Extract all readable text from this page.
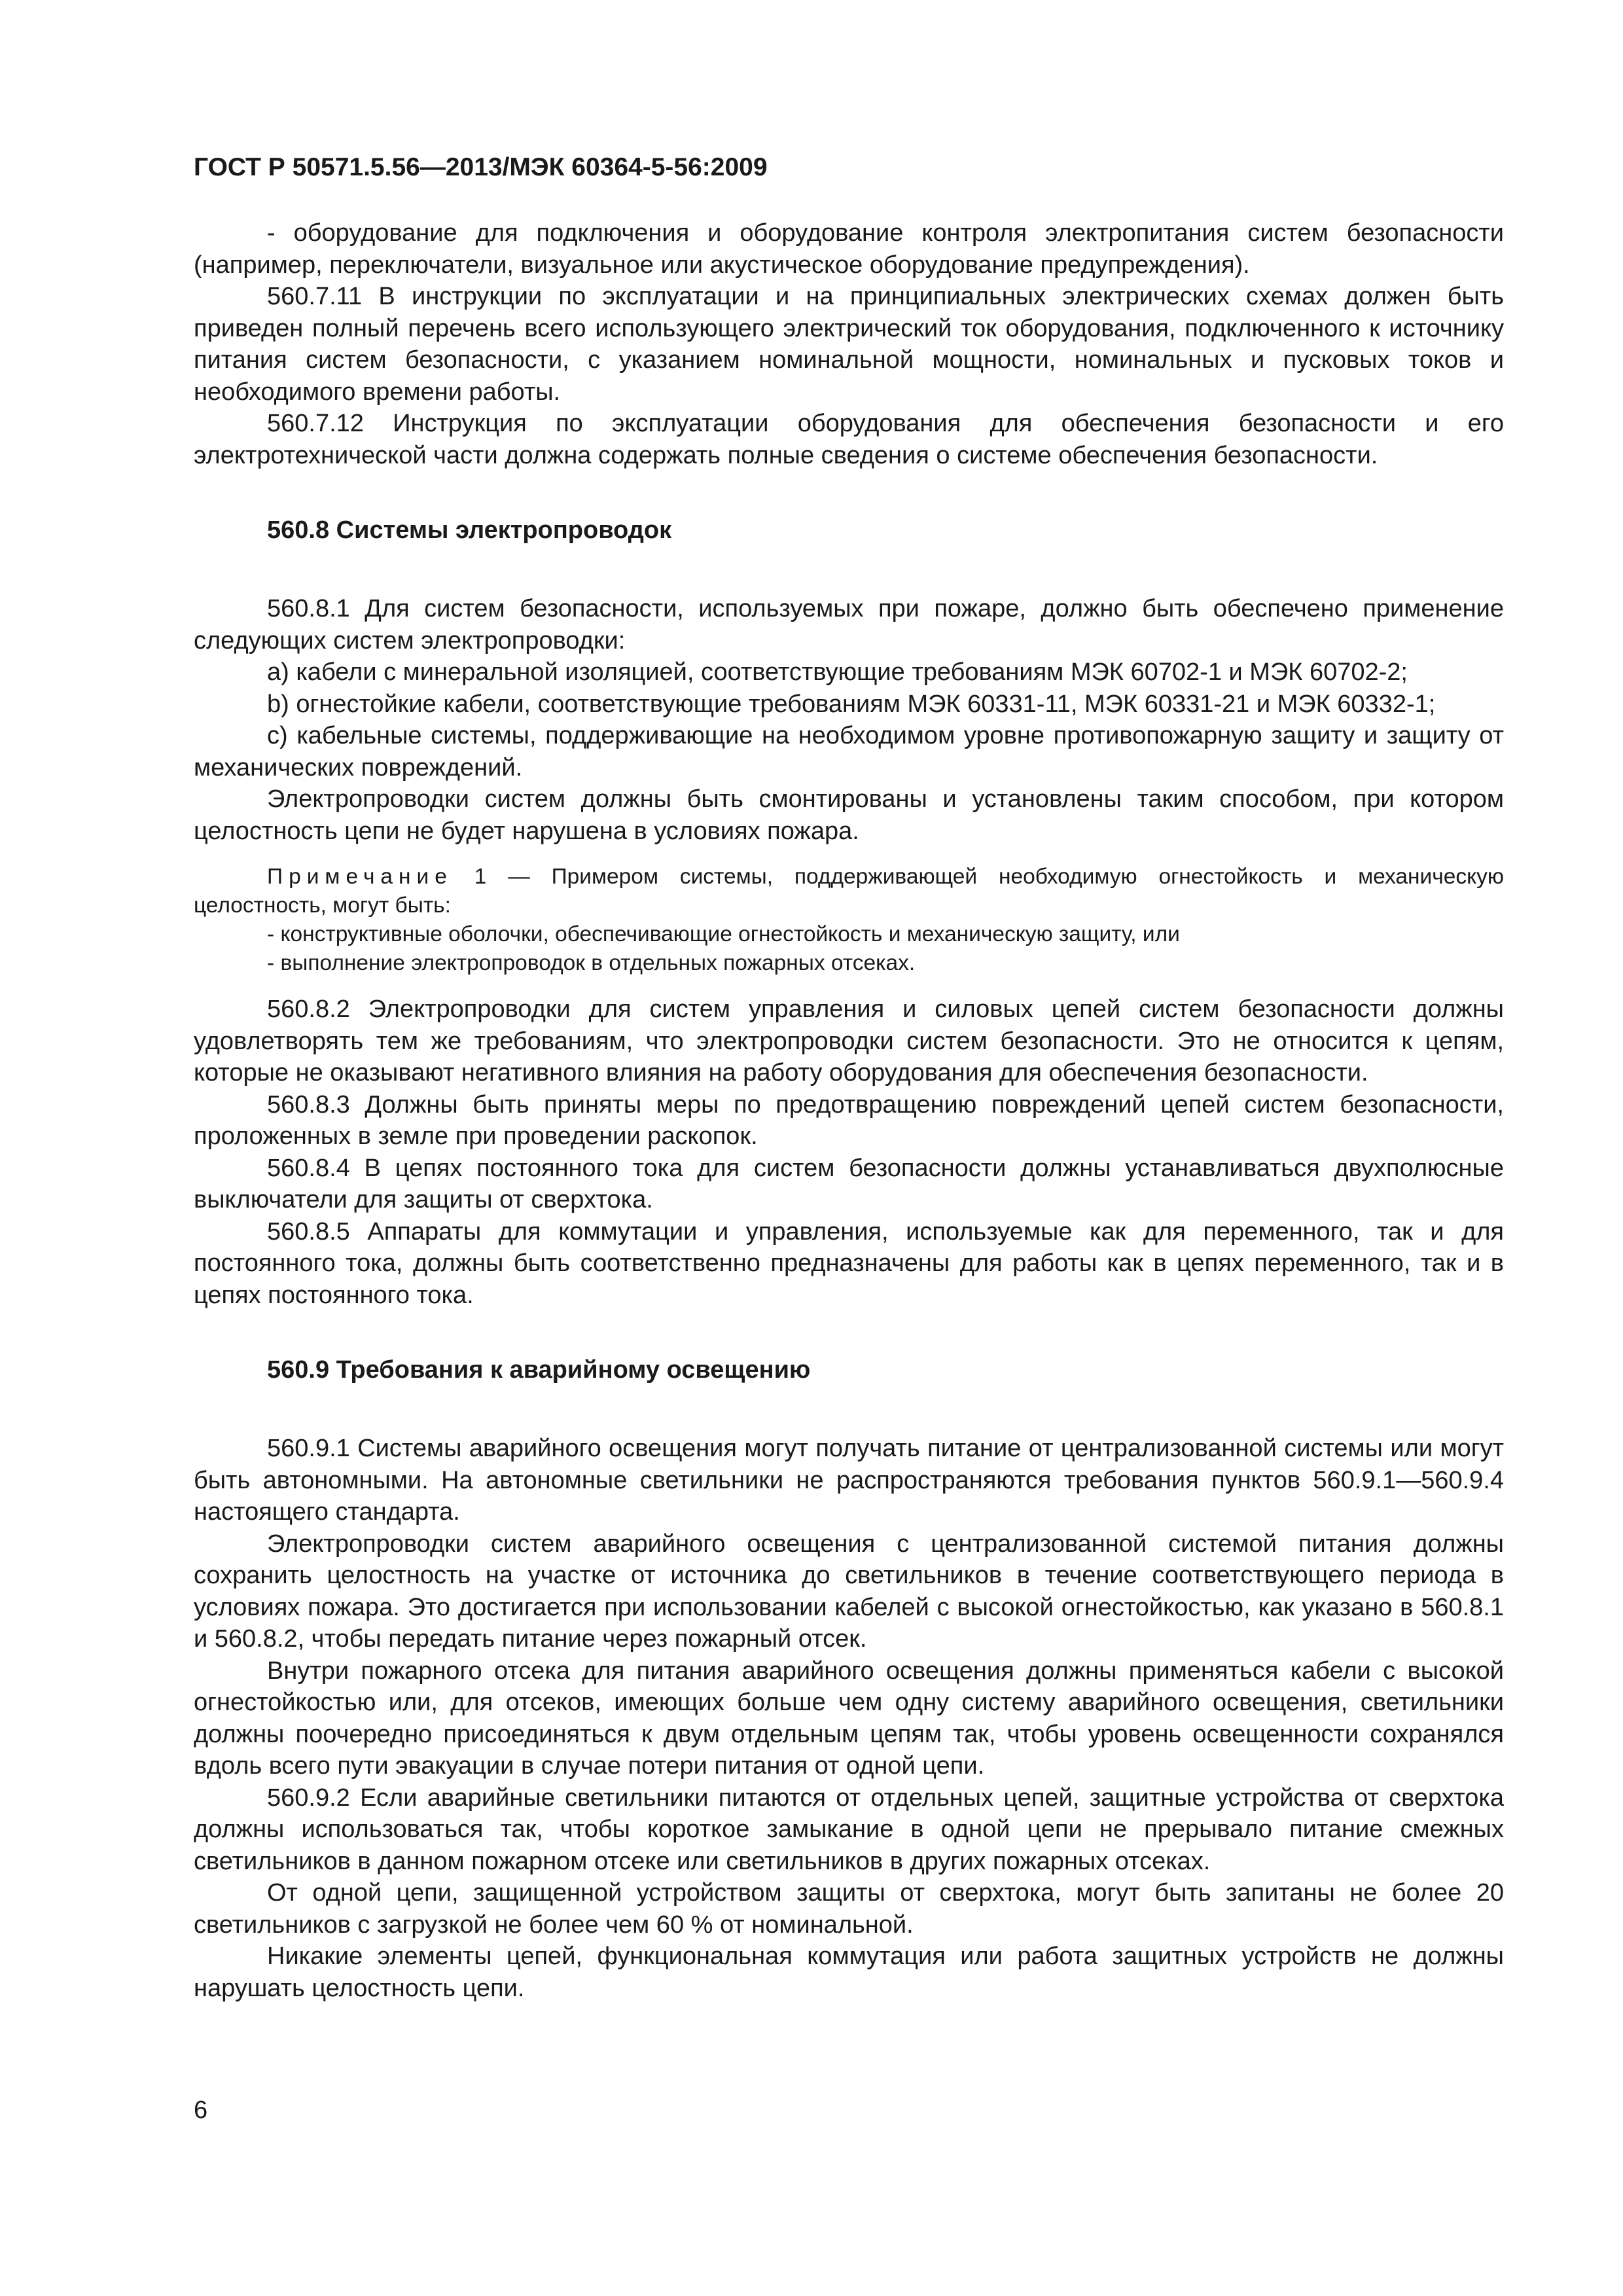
ГОСТ Р 50571.5.56—2013/МЭК 60364-5-56:2009

- оборудование для подключения и оборудование контроля электропитания систем безопасности (например, переключатели, визуальное или акустическое оборудование предупреждения).

560.7.11 В инструкции по эксплуатации и на принципиальных электрических схемах должен быть приведен полный перечень всего использующего электрический ток оборудования, подключенного к источнику питания систем безопасности, с указанием номинальной мощности, номинальных и пусковых токов и необходимого времени работы.

560.7.12 Инструкция по эксплуатации оборудования для обеспечения безопасности и его электротехнической части должна содержать полные сведения о системе обеспечения безопасности.

560.8 Системы электропроводок

560.8.1 Для систем безопасности, используемых при пожаре, должно быть обеспечено применение следующих систем электропроводки:

a) кабели с минеральной изоляцией, соответствующие требованиям МЭК 60702-1 и МЭК 60702-2;

b) огнестойкие кабели, соответствующие требованиям МЭК 60331-11, МЭК 60331-21 и МЭК 60332-1;

c) кабельные системы, поддерживающие на необходимом уровне противопожарную защиту и защиту от механических повреждений.

Электропроводки систем должны быть смонтированы и установлены таким способом, при котором целостность цепи не будет нарушена в условиях пожара.

Примечание 1 — Примером системы, поддерживающей необходимую огнестойкость и механическую целостность, могут быть:

- конструктивные оболочки, обеспечивающие огнестойкость и механическую защиту, или

- выполнение электропроводок в отдельных пожарных отсеках.

560.8.2 Электропроводки для систем управления и силовых цепей систем безопасности должны удовлетворять тем же требованиям, что электропроводки систем безопасности. Это не относится к цепям, которые не оказывают негативного влияния на работу оборудования для обеспечения безопасности.

560.8.3 Должны быть приняты меры по предотвращению повреждений цепей систем безопасности, проложенных в земле при проведении раскопок.

560.8.4 В цепях постоянного тока для систем безопасности должны устанавливаться двухполюсные выключатели для защиты от сверхтока.

560.8.5 Аппараты для коммутации и управления, используемые как для переменного, так и для постоянного тока, должны быть соответственно предназначены для работы как в цепях переменного, так и в цепях постоянного тока.

560.9 Требования к аварийному освещению

560.9.1 Системы аварийного освещения могут получать питание от централизованной системы или могут быть автономными. На автономные светильники не распространяются требования пунктов 560.9.1—560.9.4 настоящего стандарта.

Электропроводки систем аварийного освещения с централизованной системой питания должны сохранить целостность на участке от источника до светильников в течение соответствующего периода в условиях пожара. Это достигается при использовании кабелей с высокой огнестойкостью, как указано в 560.8.1 и 560.8.2, чтобы передать питание через пожарный отсек.

Внутри пожарного отсека для питания аварийного освещения должны применяться кабели с высокой огнестойкостью или, для отсеков, имеющих больше чем одну систему аварийного освещения, светильники должны поочередно присоединяться к двум отдельным цепям так, чтобы уровень освещенности сохранялся вдоль всего пути эвакуации в случае потери питания от одной цепи.

560.9.2 Если аварийные светильники питаются от отдельных цепей, защитные устройства от сверхтока должны использоваться так, чтобы короткое замыкание в одной цепи не прерывало питание смежных светильников в данном пожарном отсеке или светильников в других пожарных отсеках.

От одной цепи, защищенной устройством защиты от сверхтока, могут быть запитаны не более 20 светильников с загрузкой не более чем 60 % от номинальной.

Никакие элементы цепей, функциональная коммутация или работа защитных устройств не должны нарушать целостность цепи.

6
